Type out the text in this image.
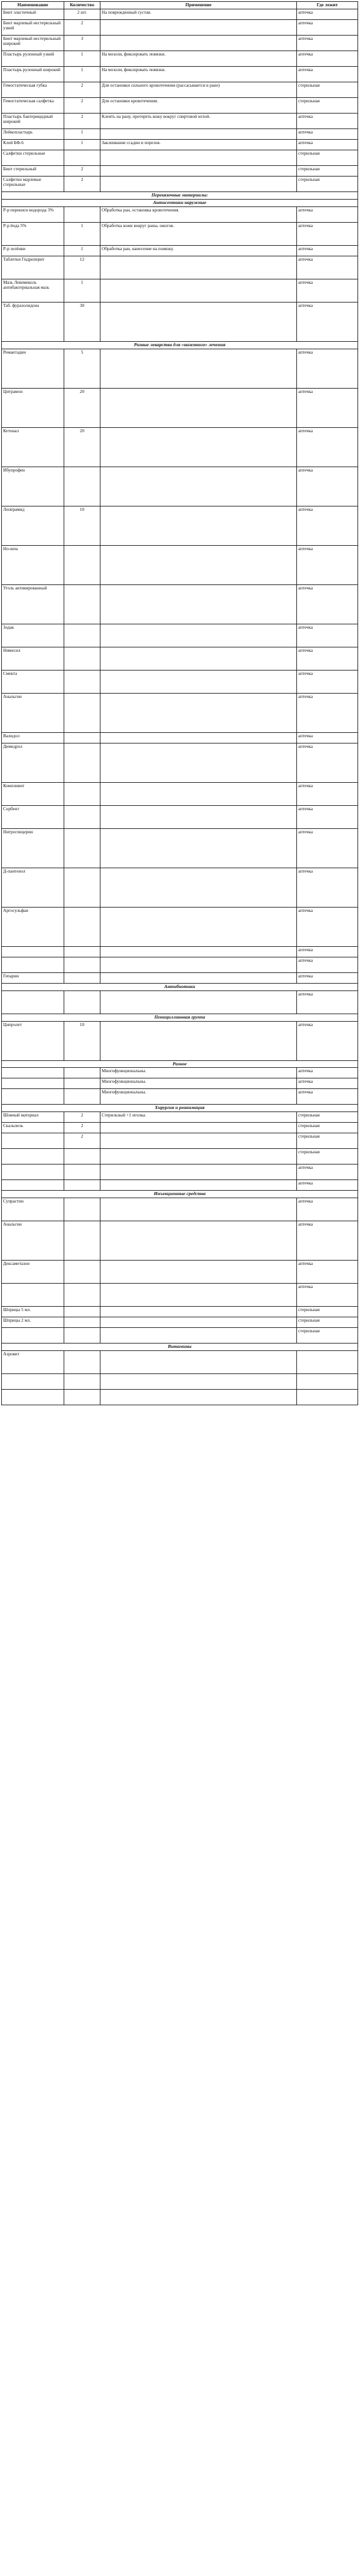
Наименование	Количество	Применение	Где лежит
Бинт эластичный	2 шт.	На поврежденный сустав.	аптечка
Бинт марлевый нестерильный узкий	2		аптечка
Бинт марлевый нестерильный широкий	3		аптечка
Пластырь рулонный узкий	1	На мозоли, фиксировать повязки.	аптечка
Пластырь рулонный широкий	1	На мозоли, фиксировать повязки.	аптечка
Гемостатическая губка	2	Для остановки сильного кровотечения (рассасывается в ране)	стерильная
Гемостатическая салфетка	2	Для остановки кровотечения.	стерильная
Пластырь бактерицидный широкий	2	Клеить на рану, протереть кожу вокруг спиртовой иглой.	аптечка
Лейкопластырь	1		аптечка
Клей БФ-6	1	Заклеивание ссадин и порезов.	аптечка
Салфетки стерильные			стерильная
Бинт стерильный	2		стерильная
Салфетки марлевые стерильные	2		стерильная
Перевязочные материалы:			
Антисептики наружные			
Р-р перекиси водорода 3%		Обработка ран, остановка кровотечения.	аптечка
Р-р йода 5%	1	Обработка кожи вокруг раны, ожогов.	аптечка
Р-р зелёнки	1	Обработка ран, нанесение на повязку.	аптечка
Таблетки Гидроперит	12		аптечка
Мазь Левомеколь антибактериальная мазь	1		аптечка
Таб. фуразолидона	30		аптечка
Разные лекарства для «наземного» лечения			
Ремантадин	5		аптечка
Цитрамон	20		аптечка
Кетонал	20		аптечка
Ибупрофен			аптечка
Лоперамид	10		аптечка
Но-шпа			аптечка
Уголь активированный			аптечка
Зодак			аптечка
Нимесил			аптечка
Смекта			аптечка
Анальгин			аптечка
Валидол			аптечка
Димедрол			аптечка
Компливит			аптечка
Сорбент			аптечка
Нитроглицерин			аптечка
Д-пантенол			аптечка
Аргосульфан			аптечка
			аптечка
			аптечка
Гепарин			аптечка
Антибиотики			
			аптечка
Пенициллиновая группа			
Ципролет	10		аптечка
Разное			
		Многофункциональны.	аптечка
		Многофункциональны.	аптечка
		Многофункциональны.	аптечка
Хирургия и реанимация			
Шовный материал	2	Стерильный +1 иголка.	стерильная
Скальпель	2		стерильная
	2		стерильная
			стерильная
			аптечка
			аптечка
Инъекционные средства			
Супрастин			аптечка
Анальгин			аптечка
Дексаметазон			аптечка
			аптечка
Шприцы 5 мл.			стерильная
Шприцы 2 мл.			стерильная
			стерильная
Витамины			
Аэровит			
